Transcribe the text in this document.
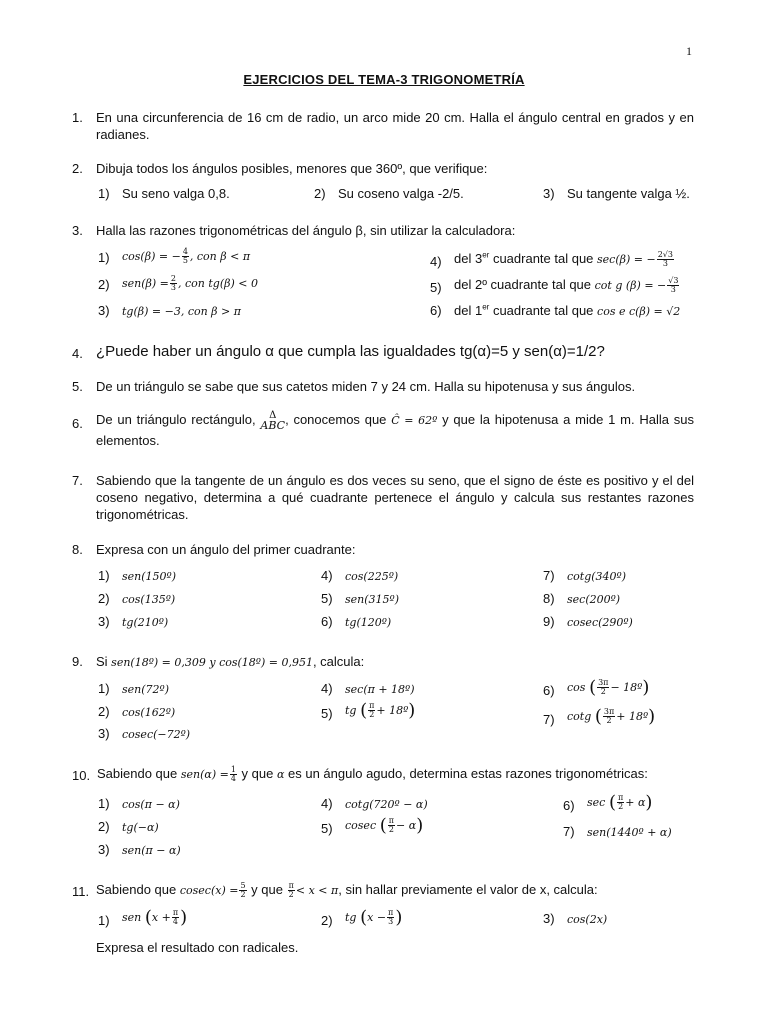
1
EJERCICIOS DEL TEMA-3 TRIGONOMETRÍA
1. En una circunferencia de 16 cm de radio, un arco mide 20 cm. Halla el ángulo central en grados y en radianes.
2. Dibuja todos los ángulos posibles, menores que 360º, que verifique:
1) Su seno valga 0,8.	2) Su coseno valga -2/5.	3) Su tangente valga ½.
3. Halla las razones trigonométricas del ángulo β, sin utilizar la calculadora:
1) cos(β) = − $\frac{4}{5}$ , con β < π
2) $sen(\beta) = \frac{2}{3}$ , con tg(β) < 0
3) tg(β) = −3, con β > π
4) del 3er cuadrante tal que sec(β) = − $\frac{2√3}{3}$
5) del 2º cuadrante tal que cot g (β) = − $\frac{√3}{3}$
6) del 1er cuadrante tal que cos e c(β) = √2
4. ¿Puede haber un ángulo α que cumpla las igualdades tg(α)=5 y sen(α)=1/2?
5. De un triángulo se sabe que sus catetos miden 7 y 24 cm. Halla su hipotenusa y sus ángulos.
6. De un triángulo rectángulo, Δ
ABC , conocemos que Ĉ = 62º y que la hipotenusa a mide 1 m. Halla sus elementos.
7. Sabiendo que la tangente de un ángulo es dos veces su seno, que el signo de éste es positivo y el del coseno negativo, determina a qué cuadrante pertenece el ángulo y calcula sus restantes razones trigonométricas.
8. Expresa con un ángulo del primer cuadrante:
1) sen(150º)	4) cos(225º)	7) cotg(340º)
2) cos(135º)	5) sen(315º)	8) sec(200º)
3) tg(210º)	6) tg(120º)	9) cosec(290º)
9. Si sen(18º) = 0,309 y cos(18º) = 0,951, calcula:
1) sen(72º)
2) cos(162º)
3) cosec(−72º)
4) sec(π + 18º)
5) tg ( $\frac{\pi}{2}$ + 18º)
6) cos ( $\frac{3\pi}{2}$ − 18º)
7) cotg ( $\frac{3\pi}{2}$ + 18º)
10. Sabiendo que $sen(\alpha) = \frac{1}{4}$ y que α es un ángulo agudo, determina estas razones trigonométricas:
1) cos(π − α)
2) tg(−α)
3) sen(π − α)
4) cotg(720º − α)
5) cosec ( $\frac{\pi}{2} - \alpha$)
6) sec ( $\frac{\pi}{2} + \alpha$)
7) sen(1440º + α)
11. Sabiendo que $cosec(x) = \frac{5}{2}$ y que $\frac{\pi}{2} < x < \pi$, sin hallar previamente el valor de x, calcula:
1) sen ($x + \frac{\pi}{4}$ )	2) tg ($x - \frac{\pi}{3}$ )	3) cos(2x)
Expresa el resultado con radicales.
